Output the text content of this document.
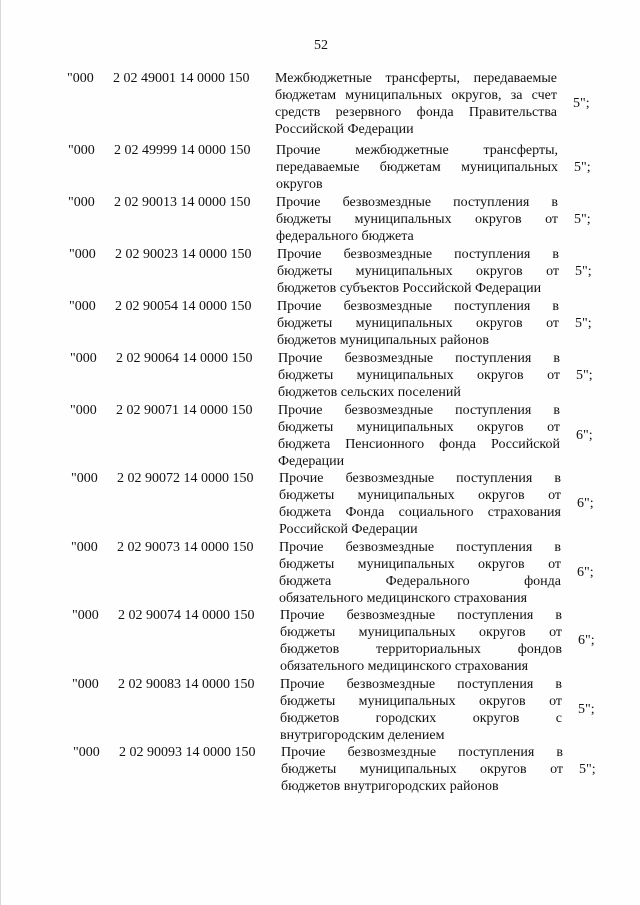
52
"000 2 02 49001 14 0000 150 Межбюджетные трансферты, передаваемые
бюджетам муниципальных округов, за счет
средств резервного фонда Правительства
Российской Федерации
5";
"000 2 02 49999 14 0000 150 Прочие межбюджетные трансферты,
передаваемые бюджетам муниципальных
округов
5";
"000 2 02 90013 14 0000 150 Прочие безвозмездные поступления в
бюджеты муниципальных округов от
федерального бюджета
5";
"000 2 02 90023 14 0000 150 Прочие безвозмездные поступления в
бюджеты муниципальных округов от
бюджетов субъектов Российской Федерации
5";
"000 2 02 90054 14 0000 150 Прочие безвозмездные поступления в
бюджеты муниципальных округов от
бюджетов муниципальных районов
5";
"000 2 02 90064 14 0000 150 Прочие безвозмездные поступления в
бюджеты муниципальных округов от
бюджетов сельских поселений
5";
"000 2 02 90071 14 0000 150 Прочие безвозмездные поступления в
бюджеты муниципальных округов от
бюджета Пенсионного фонда Российской
Федерации
6";
"000 2 02 90072 14 0000 150 Прочие безвозмездные поступления в
бюджеты муниципальных округов от
бюджета Фонда социального страхования
Российской Федерации
6";
"000 2 02 90073 14 0000 150 Прочие безвозмездные поступления в
бюджеты муниципальных округов от
бюджета Федерального фонда
обязательного медицинского страхования
6";
"000 2 02 90074 14 0000 150 Прочие безвозмездные поступления в
бюджеты муниципальных округов от
бюджетов территориальных фондов
обязательного медицинского страхования
6";
"000 2 02 90083 14 0000 150 Прочие безвозмездные поступления в
бюджеты муниципальных округов от
бюджетов городских округов с
внутригородским делением
5";
"000 2 02 90093 14 0000 150 Прочие безвозмездные поступления в
бюджеты муниципальных округов от
бюджетов внутригородских районов
5";
